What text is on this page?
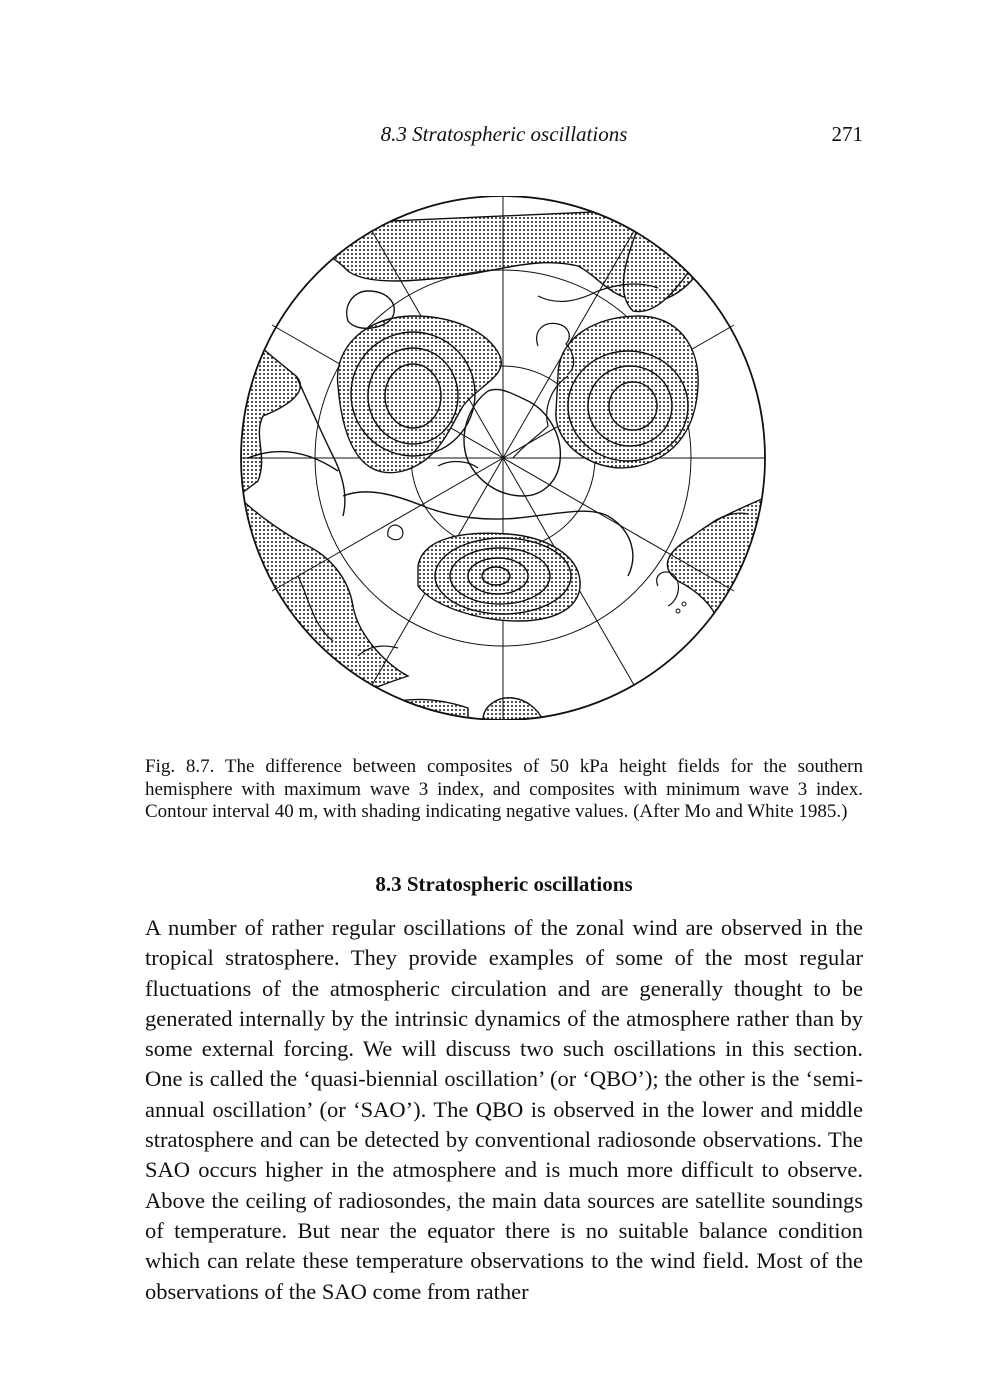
8.3 Stratospheric oscillations	271

Fig. 8.7. The difference between composites of 50 kPa height fields for the southern hemisphere with maximum wave 3 index, and composites with minimum wave 3 index. Contour interval 40 m, with shading indicating negative values. (After Mo and White 1985.)

8.3 Stratospheric oscillations

A number of rather regular oscillations of the zonal wind are observed in the tropical stratosphere. They provide examples of some of the most regular fluctuations of the atmospheric circulation and are generally thought to be generated internally by the intrinsic dynamics of the atmosphere rather than by some external forcing. We will discuss two such oscillations in this section. One is called the ‘quasi-biennial oscillation’ (or ‘QBO’); the other is the ‘semi-annual oscillation’ (or ‘SAO’). The QBO is observed in the lower and middle stratosphere and can be detected by conventional radiosonde observations. The SAO occurs higher in the atmosphere and is much more difficult to observe. Above the ceiling of radiosondes, the main data sources are satellite soundings of temperature. But near the equator there is no suitable balance condition which can relate these temperature observations to the wind field. Most of the observations of the SAO come from rather
